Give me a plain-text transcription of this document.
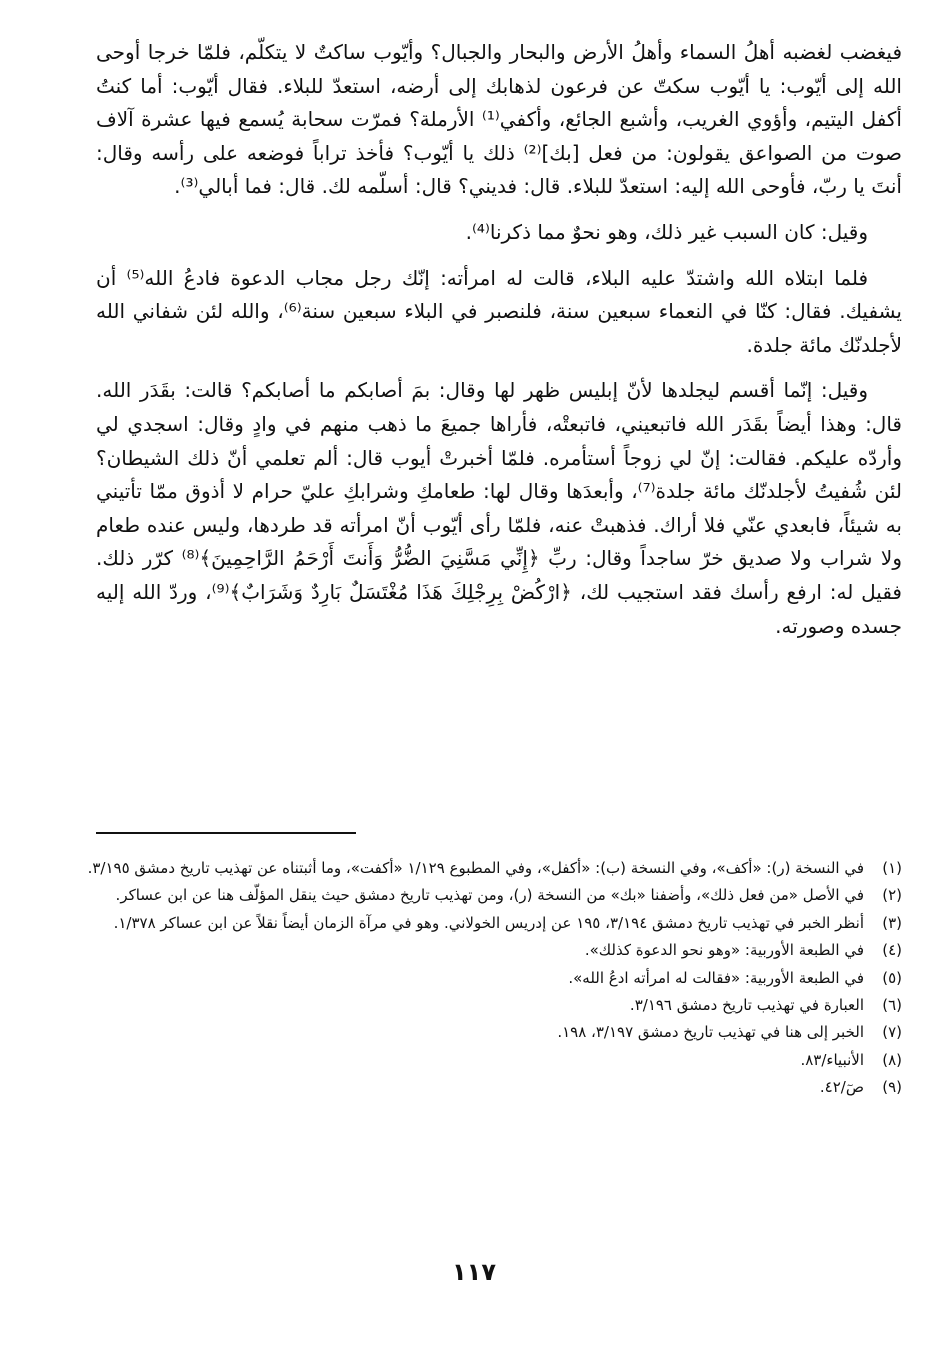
فيغضب لغضبه أهلُ السماء وأهلُ الأرض والبحار والجبال؟ وأيّوب ساكتٌ لا يتكلّم، فلمّا خرجا أوحى الله إلى أيّوب: يا أيّوب سكتّ عن فرعون لذهابك إلى أرضه، استعدّ للبلاء. فقال أيّوب: أما كنتُ أكفل اليتيم، وأؤوي الغريب، وأشبع الجائع، وأكفي⁽¹⁾ الأرملة؟ فمرّت سحابة يُسمع فيها عشرة آلاف صوت من الصواعق يقولون: من فعل [بك]⁽²⁾ ذلك يا أيّوب؟ فأخذ تراباً فوضعه على رأسه وقال: أنتَ يا ربّ، فأوحى الله إليه: استعدّ للبلاء. قال: فديني؟ قال: أسلّمه لك. قال: فما أبالي⁽³⁾.

وقيل: كان السبب غير ذلك، وهو نحوٌ مما ذكرنا⁽⁴⁾.

فلما ابتلاه الله واشتدّ عليه البلاء، قالت له امرأته: إنّك رجل مجاب الدعوة فادعُ الله⁽⁵⁾ أن يشفيك. فقال: كنّا في النعماء سبعين سنة، فلنصبر في البلاء سبعين سنة⁽⁶⁾، والله لئن شفاني الله لأجلدنّك مائة جلدة.

وقيل: إنّما أقسم ليجلدها لأنّ إبليس ظهر لها وقال: بمَ أصابكم ما أصابكم؟ قالت: بقَدَر الله. قال: وهذا أيضاً بقَدَر الله فاتبعيني، فاتبعتْه، فأراها جميعَ ما ذهب منهم في وادٍ وقال: اسجدي لي وأردّه عليكم. فقالت: إنّ لي زوجاً أستأمره. فلمّا أخبرتْ أيوب قال: ألم تعلمي أنّ ذلك الشيطان؟ لئن شُفيتُ لأجلدنّك مائة جلدة⁽⁷⁾، وأبعدَها وقال لها: طعامكِ وشرابكِ عليّ حرام لا أذوق ممّا تأتيني به شيئاً، فابعدي عنّي فلا أراك. فذهبتْ عنه، فلمّا رأى أيّوب أنّ امرأته قد طردها، وليس عنده طعام ولا شراب ولا صديق خرّ ساجداً وقال: ربِّ ﴿إِنِّي مَسَّنِيَ الضُّرُّ وَأَنتَ أَرْحَمُ الرَّاحِمِينَ﴾⁽⁸⁾ كرّر ذلك. فقيل له: ارفع رأسك فقد استجيب لك، ﴿ارْكُضْ بِرِجْلِكَ هَذَا مُغْتَسَلٌ بَارِدٌ وَشَرَابٌ﴾⁽⁹⁾، وردّ الله إليه جسده وصورته.

(١)
في النسخة (ر): «أكف»، وفي النسخة (ب): «أكفل»، وفي المطبوع ١/١٢٩ «أكفت»، وما أثبتناه عن تهذيب تاريخ دمشق ٣/١٩٥.
(٢)
في الأصل «من فعل ذلك»، وأضفنا «بك» من النسخة (ر)، ومن تهذيب تاريخ دمشق حيث ينقل المؤلّف هنا عن ابن عساكر.
(٣)
أنظر الخبر في تهذيب تاريخ دمشق ٣/١٩٤، ١٩٥ عن إدريس الخولاني. وهو في مرآة الزمان أيضاً نقلاً عن ابن عساكر ١/٣٧٨.
(٤)
في الطبعة الأوربية: «وهو نحو الدعوة كذلك».
(٥)
في الطبعة الأوربية: «فقالت له امرأته ادعُ الله».
(٦)
العبارة في تهذيب تاريخ دمشق ٣/١٩٦.
(٧)
الخبر إلى هنا في تهذيب تاريخ دمشق ٣/١٩٧، ١٩٨.
(٨)
الأنبياء/٨٣.
(٩)
صٓ/٤٢.
١١٧
